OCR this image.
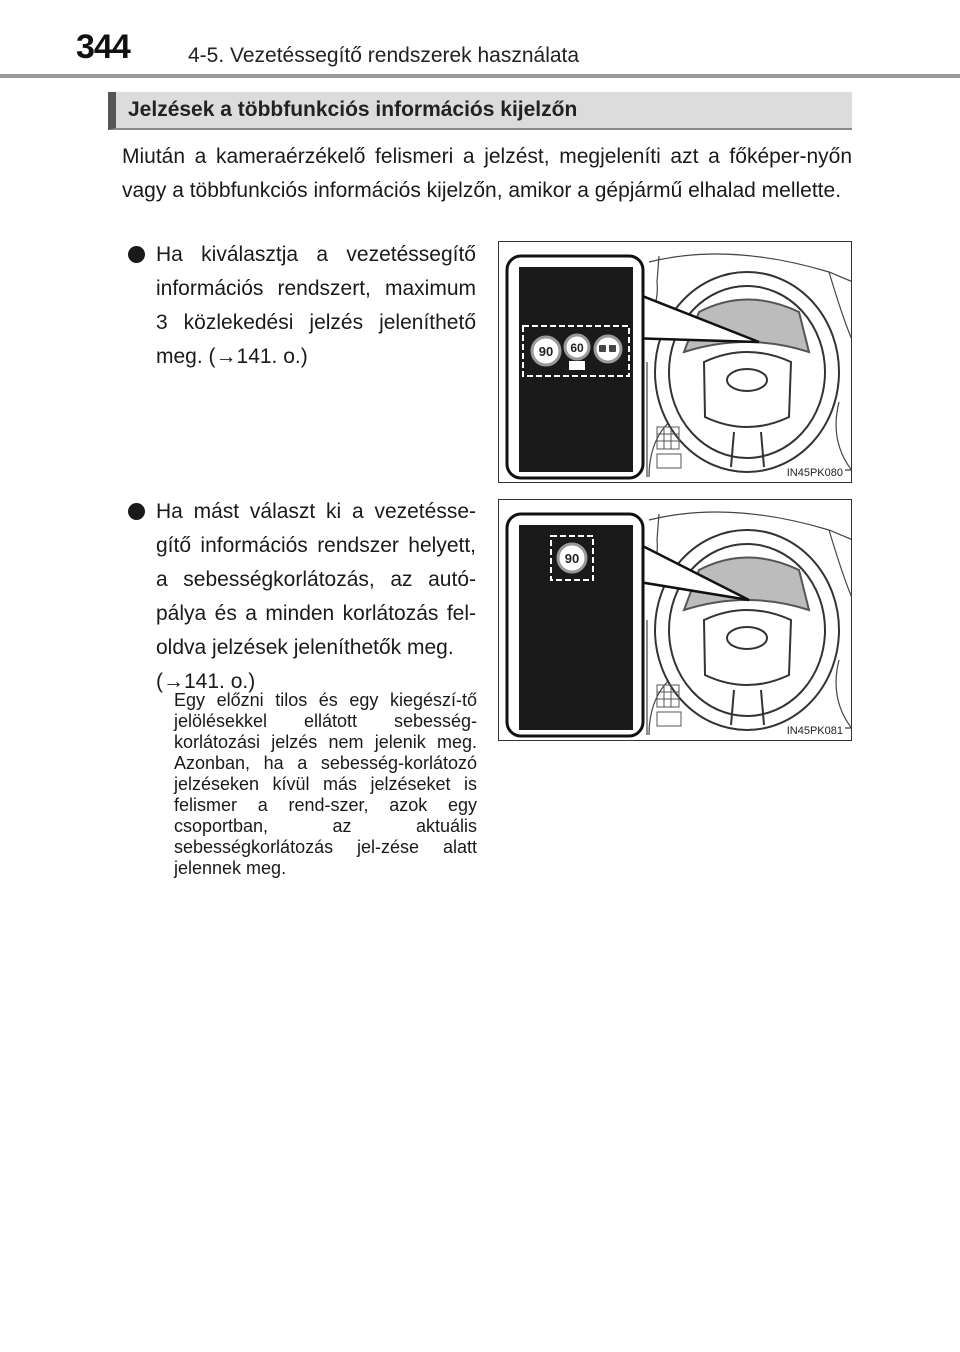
344	4-5. Vezetéssegítő rendszerek használata
Jelzések a többfunkciós információs kijelzőn
Miután a kameraérzékelő felismeri a jelzést, megjeleníti azt a főképer-nyőn vagy a többfunkciós információs kijelzőn, amikor a gépjármű elhalad mellette.
Ha kiválasztja a vezetéssegítő információs rendszert, maximum 3 közlekedési jelzés jeleníthető meg. (→141. o.)
Ha mást választ ki a vezetésse-gítő információs rendszer helyett, a sebességkorlátozás, az autó-pálya és a minden korlátozás fel-oldva jelzések jeleníthetők meg.
(→141. o.)
Egy előzni tilos és egy kiegészí-tő jelölésekkel ellátott sebesség-korlátozási jelzés nem jelenik meg. Azonban, ha a sebesség-korlátozó jelzéseken kívül más jelzéseket is felismer a rend-szer, azok egy csoportban, az aktuális sebességkorlátozás jel-zése alatt jelennek meg.
90 60
IN45PK080
90
IN45PK081
